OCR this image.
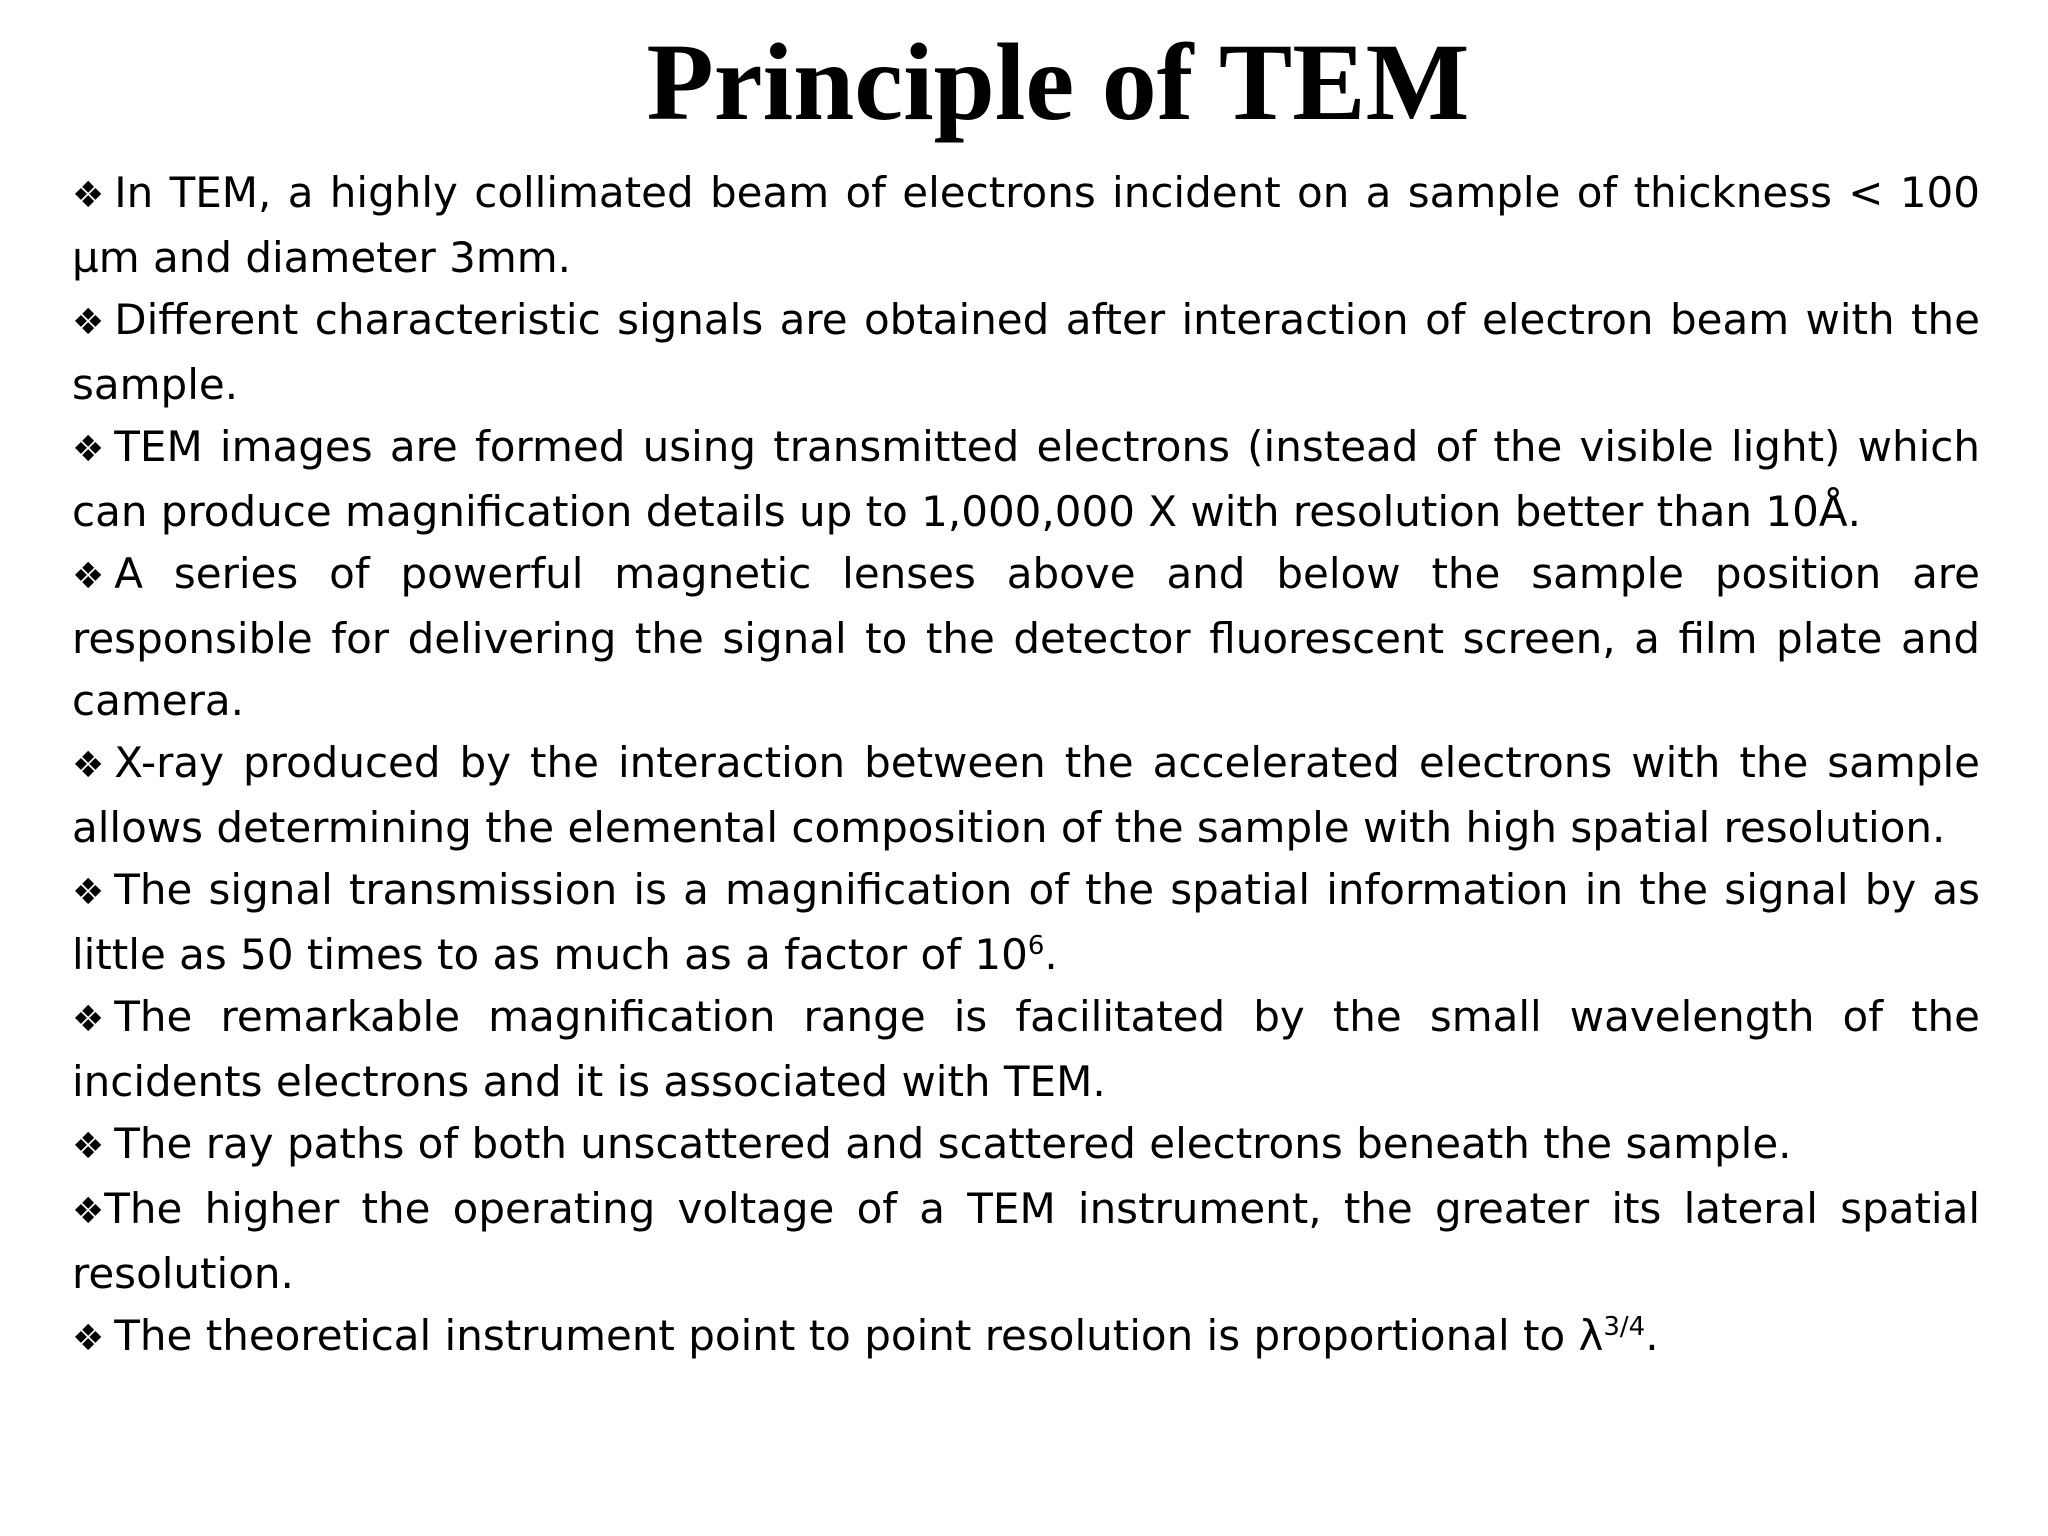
Principle of TEM

❖ In TEM, a highly collimated beam of electrons incident on a sample of thickness < 100 µm and diameter 3mm.

❖ Different characteristic signals are obtained after interaction of electron beam with the sample.

❖ TEM images are formed using transmitted electrons (instead of the visible light) which can produce magnification details up to 1,000,000 X with resolution better than 10Å.

❖ A series of powerful magnetic lenses above and below the sample position are responsible for delivering the signal to the detector fluorescent screen, a film plate and camera.

❖ X-ray produced by the interaction between the accelerated electrons with the sample allows determining the elemental composition of the sample with high spatial resolution.

❖ The signal transmission is a magnification of the spatial information in the signal by as little as 50 times to as much as a factor of $10^6$.

❖ The remarkable magnification range is facilitated by the small wavelength of the incidents electrons and it is associated with TEM.

❖ The ray paths of both unscattered and scattered electrons beneath the sample.

❖The higher the operating voltage of a TEM instrument, the greater its lateral spatial resolution.

❖ The theoretical instrument point to point resolution is proportional to $\lambda^{3/4}$.
